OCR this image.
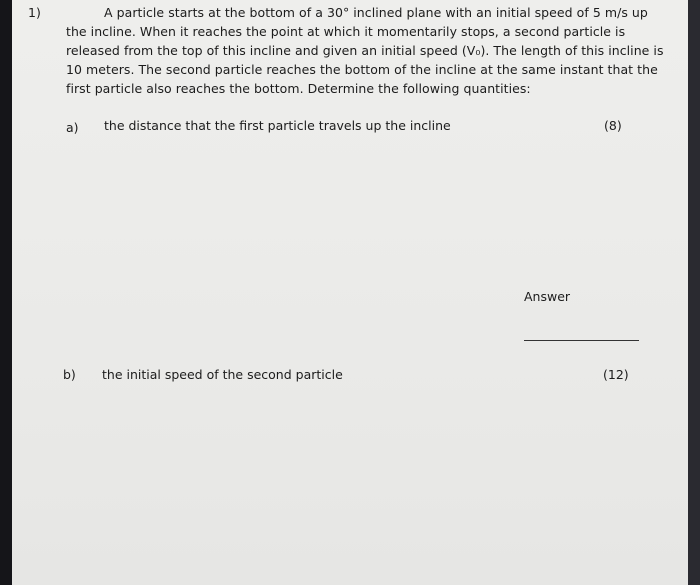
1)	A particle starts at the bottom of a 30° inclined plane with an initial speed of 5 m/s up the incline. When it reaches the point at which it momentarily stops, a second particle is released from the top of this incline and given an initial speed (V₀). The length of this incline is 10 meters. The second particle reaches the bottom of the incline at the same instant that the first particle also reaches the bottom. Determine the following quantities:
a) the distance that the first particle travels up the incline	(8)
Answer
b) the initial speed of the second particle	(12)
